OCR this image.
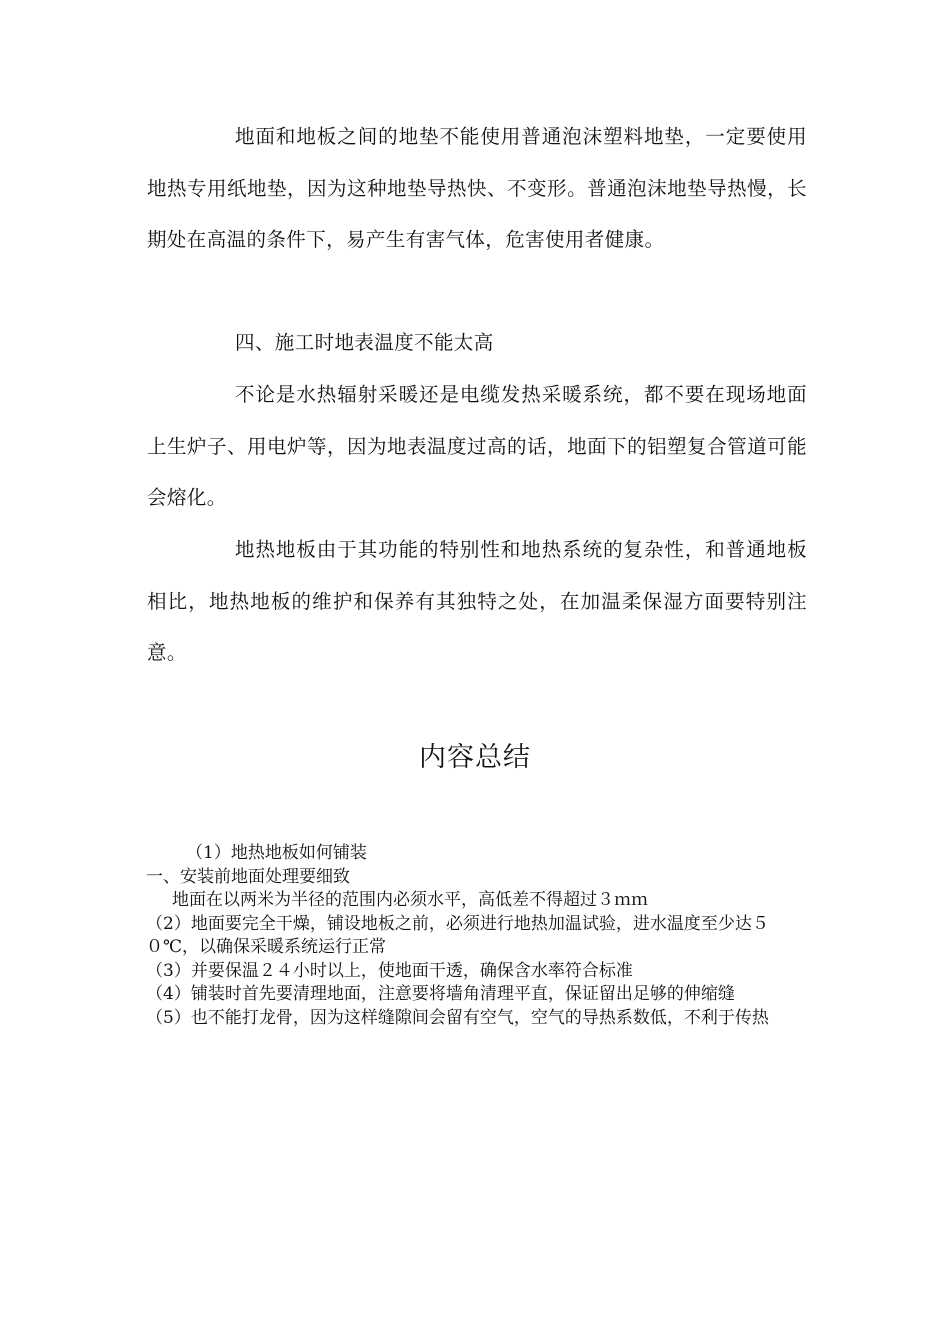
地面和地板之间的地垫不能使用普通泡沫塑料地垫，一定要使用地热专用纸地垫，因为这种地垫导热快、不变形。普通泡沫地垫导热慢，长期处在高温的条件下，易产生有害气体，危害使用者健康。

四、施工时地表温度不能太高

不论是水热辐射采暖还是电缆发热采暖系统，都不要在现场地面上生炉子、用电炉等，因为地表温度过高的话，地面下的铝塑复合管道可能会熔化。

地热地板由于其功能的特别性和地热系统的复杂性，和普通地板相比，地热地板的维护和保养有其独特之处，在加温柔保湿方面要特别注意。

内容总结

（1）地热地板如何铺装

一、安装前地面处理要细致

地面在以两米为半径的范围内必须水平，高低差不得超过３ｍｍ

（2）地面要完全干燥，铺设地板之前，必须进行地热加温试验，进水温度至少达５０℃，以确保采暖系统运行正常

（3）并要保温２４小时以上，使地面干透，确保含水率符合标准

（4）铺装时首先要清理地面，注意要将墙角清理平直，保证留出足够的伸缩缝

（5）也不能打龙骨，因为这样缝隙间会留有空气，空气的导热系数低，不利于传热
